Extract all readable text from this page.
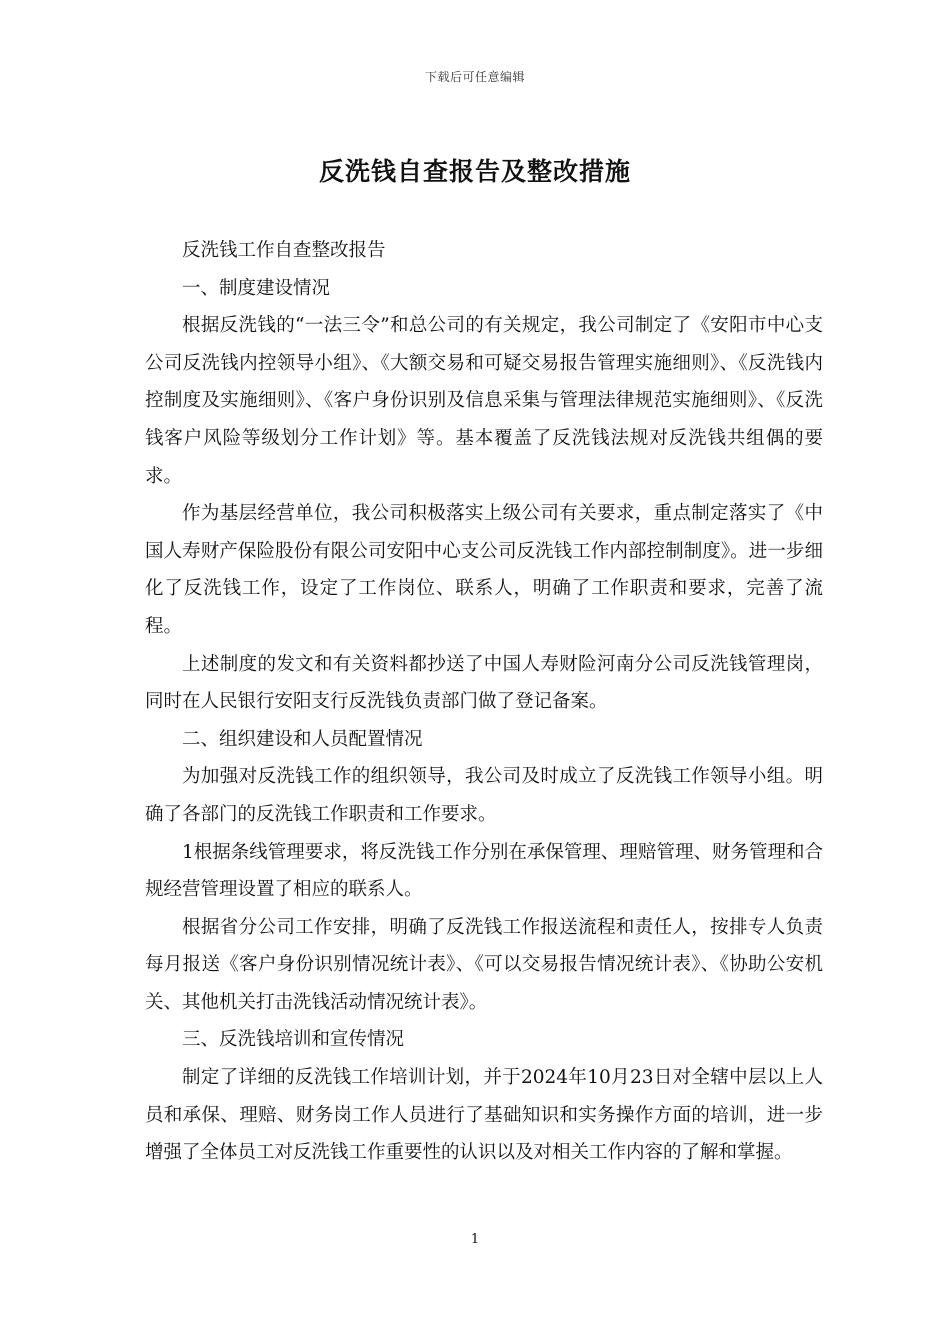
下载后可任意编辑
反洗钱自查报告及整改措施

反洗钱工作自查整改报告

一、制度建设情况

根据反洗钱的“一法三令”和总公司的有关规定，我公司制定了《安阳市中心支公司反洗钱内控领导小组》、《大额交易和可疑交易报告管理实施细则》、《反洗钱内控制度及实施细则》、《客户身份识别及信息采集与管理法律规范实施细则》、《反洗钱客户风险等级划分工作计划》等。基本覆盖了反洗钱法规对反洗钱共组偶的要求。

作为基层经营单位，我公司积极落实上级公司有关要求，重点制定落实了《中国人寿财产保险股份有限公司安阳中心支公司反洗钱工作内部控制制度》。进一步细化了反洗钱工作，设定了工作岗位、联系人，明确了工作职责和要求，完善了流程。

上述制度的发文和有关资料都抄送了中国人寿财险河南分公司反洗钱管理岗，同时在人民银行安阳支行反洗钱负责部门做了登记备案。

二、组织建设和人员配置情况

为加强对反洗钱工作的组织领导，我公司及时成立了反洗钱工作领导小组。明确了各部门的反洗钱工作职责和工作要求。

1根据条线管理要求，将反洗钱工作分别在承保管理、理赔管理、财务管理和合规经营管理设置了相应的联系人。

根据省分公司工作安排，明确了反洗钱工作报送流程和责任人，按排专人负责每月报送《客户身份识别情况统计表》、《可以交易报告情况统计表》、《协助公安机关、其他机关打击洗钱活动情况统计表》。

三、反洗钱培训和宣传情况

制定了详细的反洗钱工作培训计划，并于2024年10月23日对全辖中层以上人员和承保、理赔、财务岗工作人员进行了基础知识和实务操作方面的培训，进一步增强了全体员工对反洗钱工作重要性的认识以及对相关工作内容的了解和掌握。

1
